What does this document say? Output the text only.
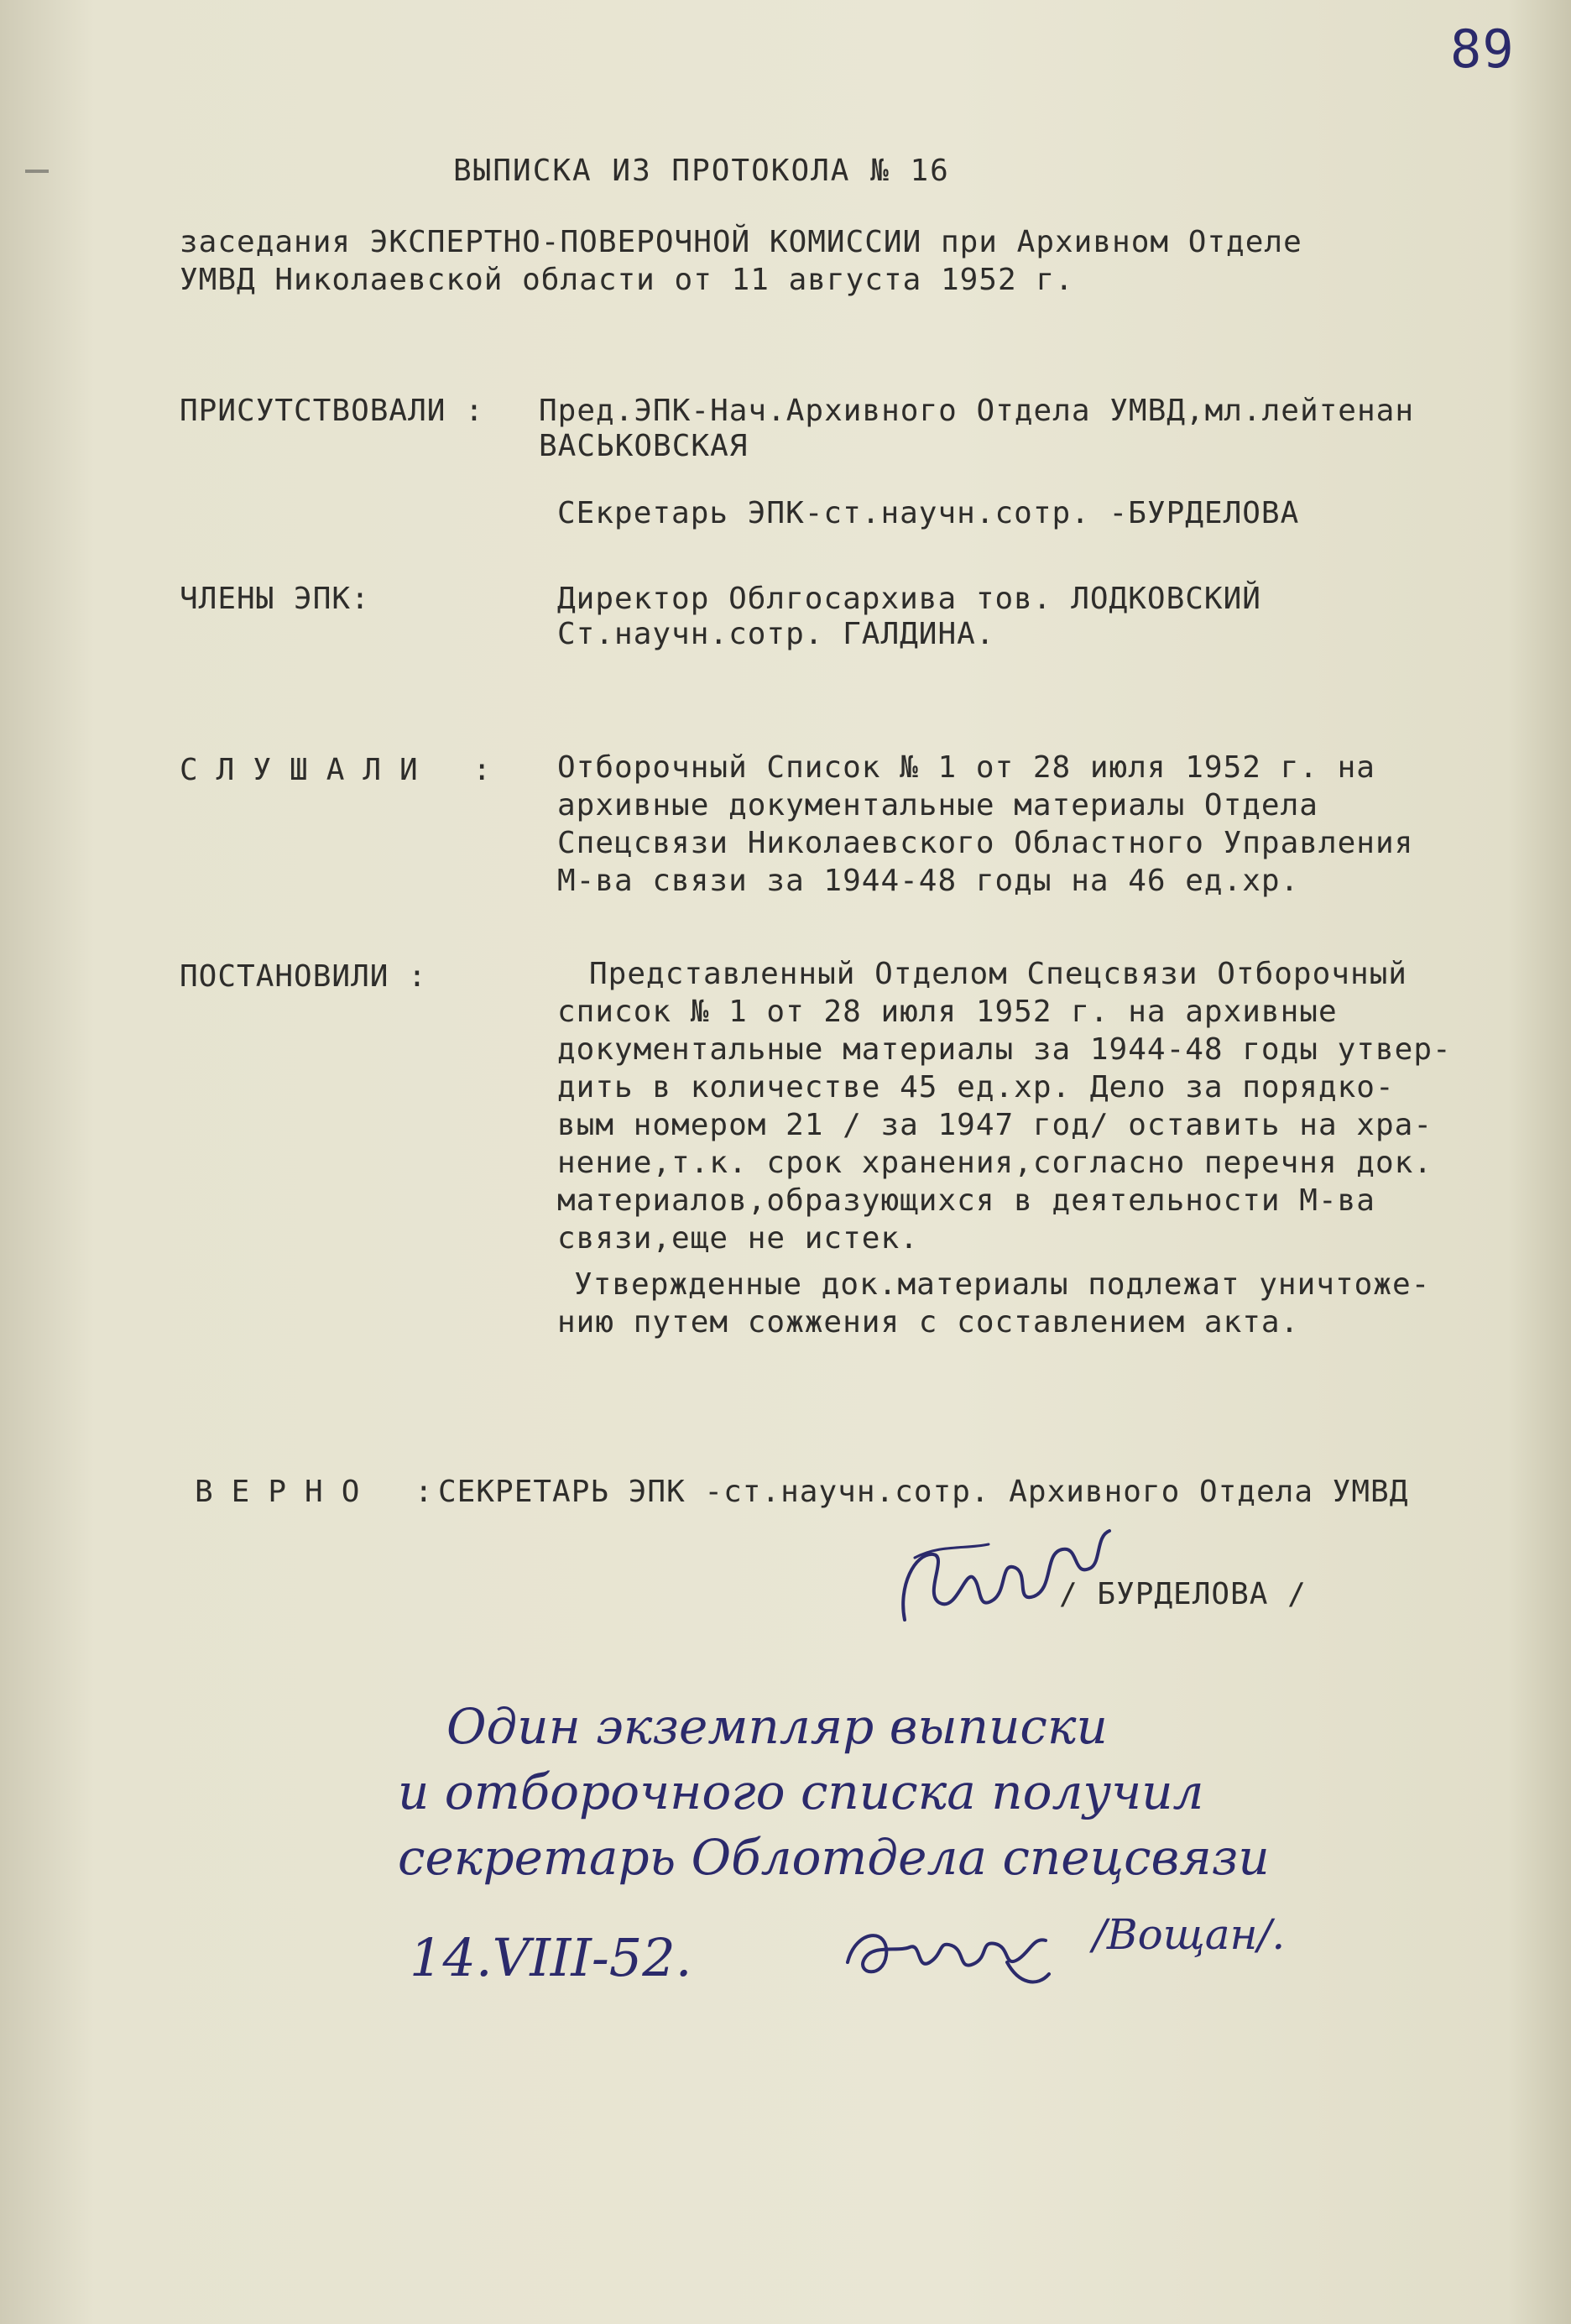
89
ВЫПИСКА ИЗ ПРОТОКОЛА № 16
заседания ЭКСПЕРТНО-ПОВЕРОЧНОЙ КОМИССИИ при Архивном Отделе
УМВД Николаевской области от 11 августа 1952 г.
ПРИСУТСТВОВАЛИ : Пред.ЭПК-Нач.Архивного Отдела УМВД,мл.лейтенан
ВАСЬКОВСКАЯ
СЕкретарь ЭПК-ст.научн.сотр. -БУРДЕЛОВА
ЧЛЕНЫ ЭПК:	Директор Облгосархива тов. ЛОДКОВСКИЙ
Ст.научн.сотр. ГАЛДИНА.
СЛУШАЛИ : Отборочный Список № 1 от 28 июля 1952 г. на
архивные документальные материалы Отдела
Спецсвязи Николаевского Областного Управления
М-ва связи за 1944-48 годы на 46 ед.хр.
ПОСТАНОВИЛИ :	Представленный Отделом Спецсвязи Отборочный
список № 1 от 28 июля 1952 г. на архивные
документальные материалы за 1944-48 годы утвер-
дить в количестве 45 ед.хр. Дело за порядко-
вым номером 21 / за 1947 год/ оставить на хра-
нение,т.к. срок хранения,согласно перечня док.
материалов,образующихся в деятельности М-ва
связи,еще не истек.
Утвержденные док.материалы подлежат уничтоже-
нию путем сожжения с составлением акта.
ВЕРНО :
СЕКРЕТАРЬ ЭПК -ст.научн.сотр. Архивного Отдела УМВД
/ БУРДЕЛОВА /
Один экземпляр выписки
и отборочного списка получил
секретарь Облотдела спецсвязи
14.VIII-52.	/Вощан/.
